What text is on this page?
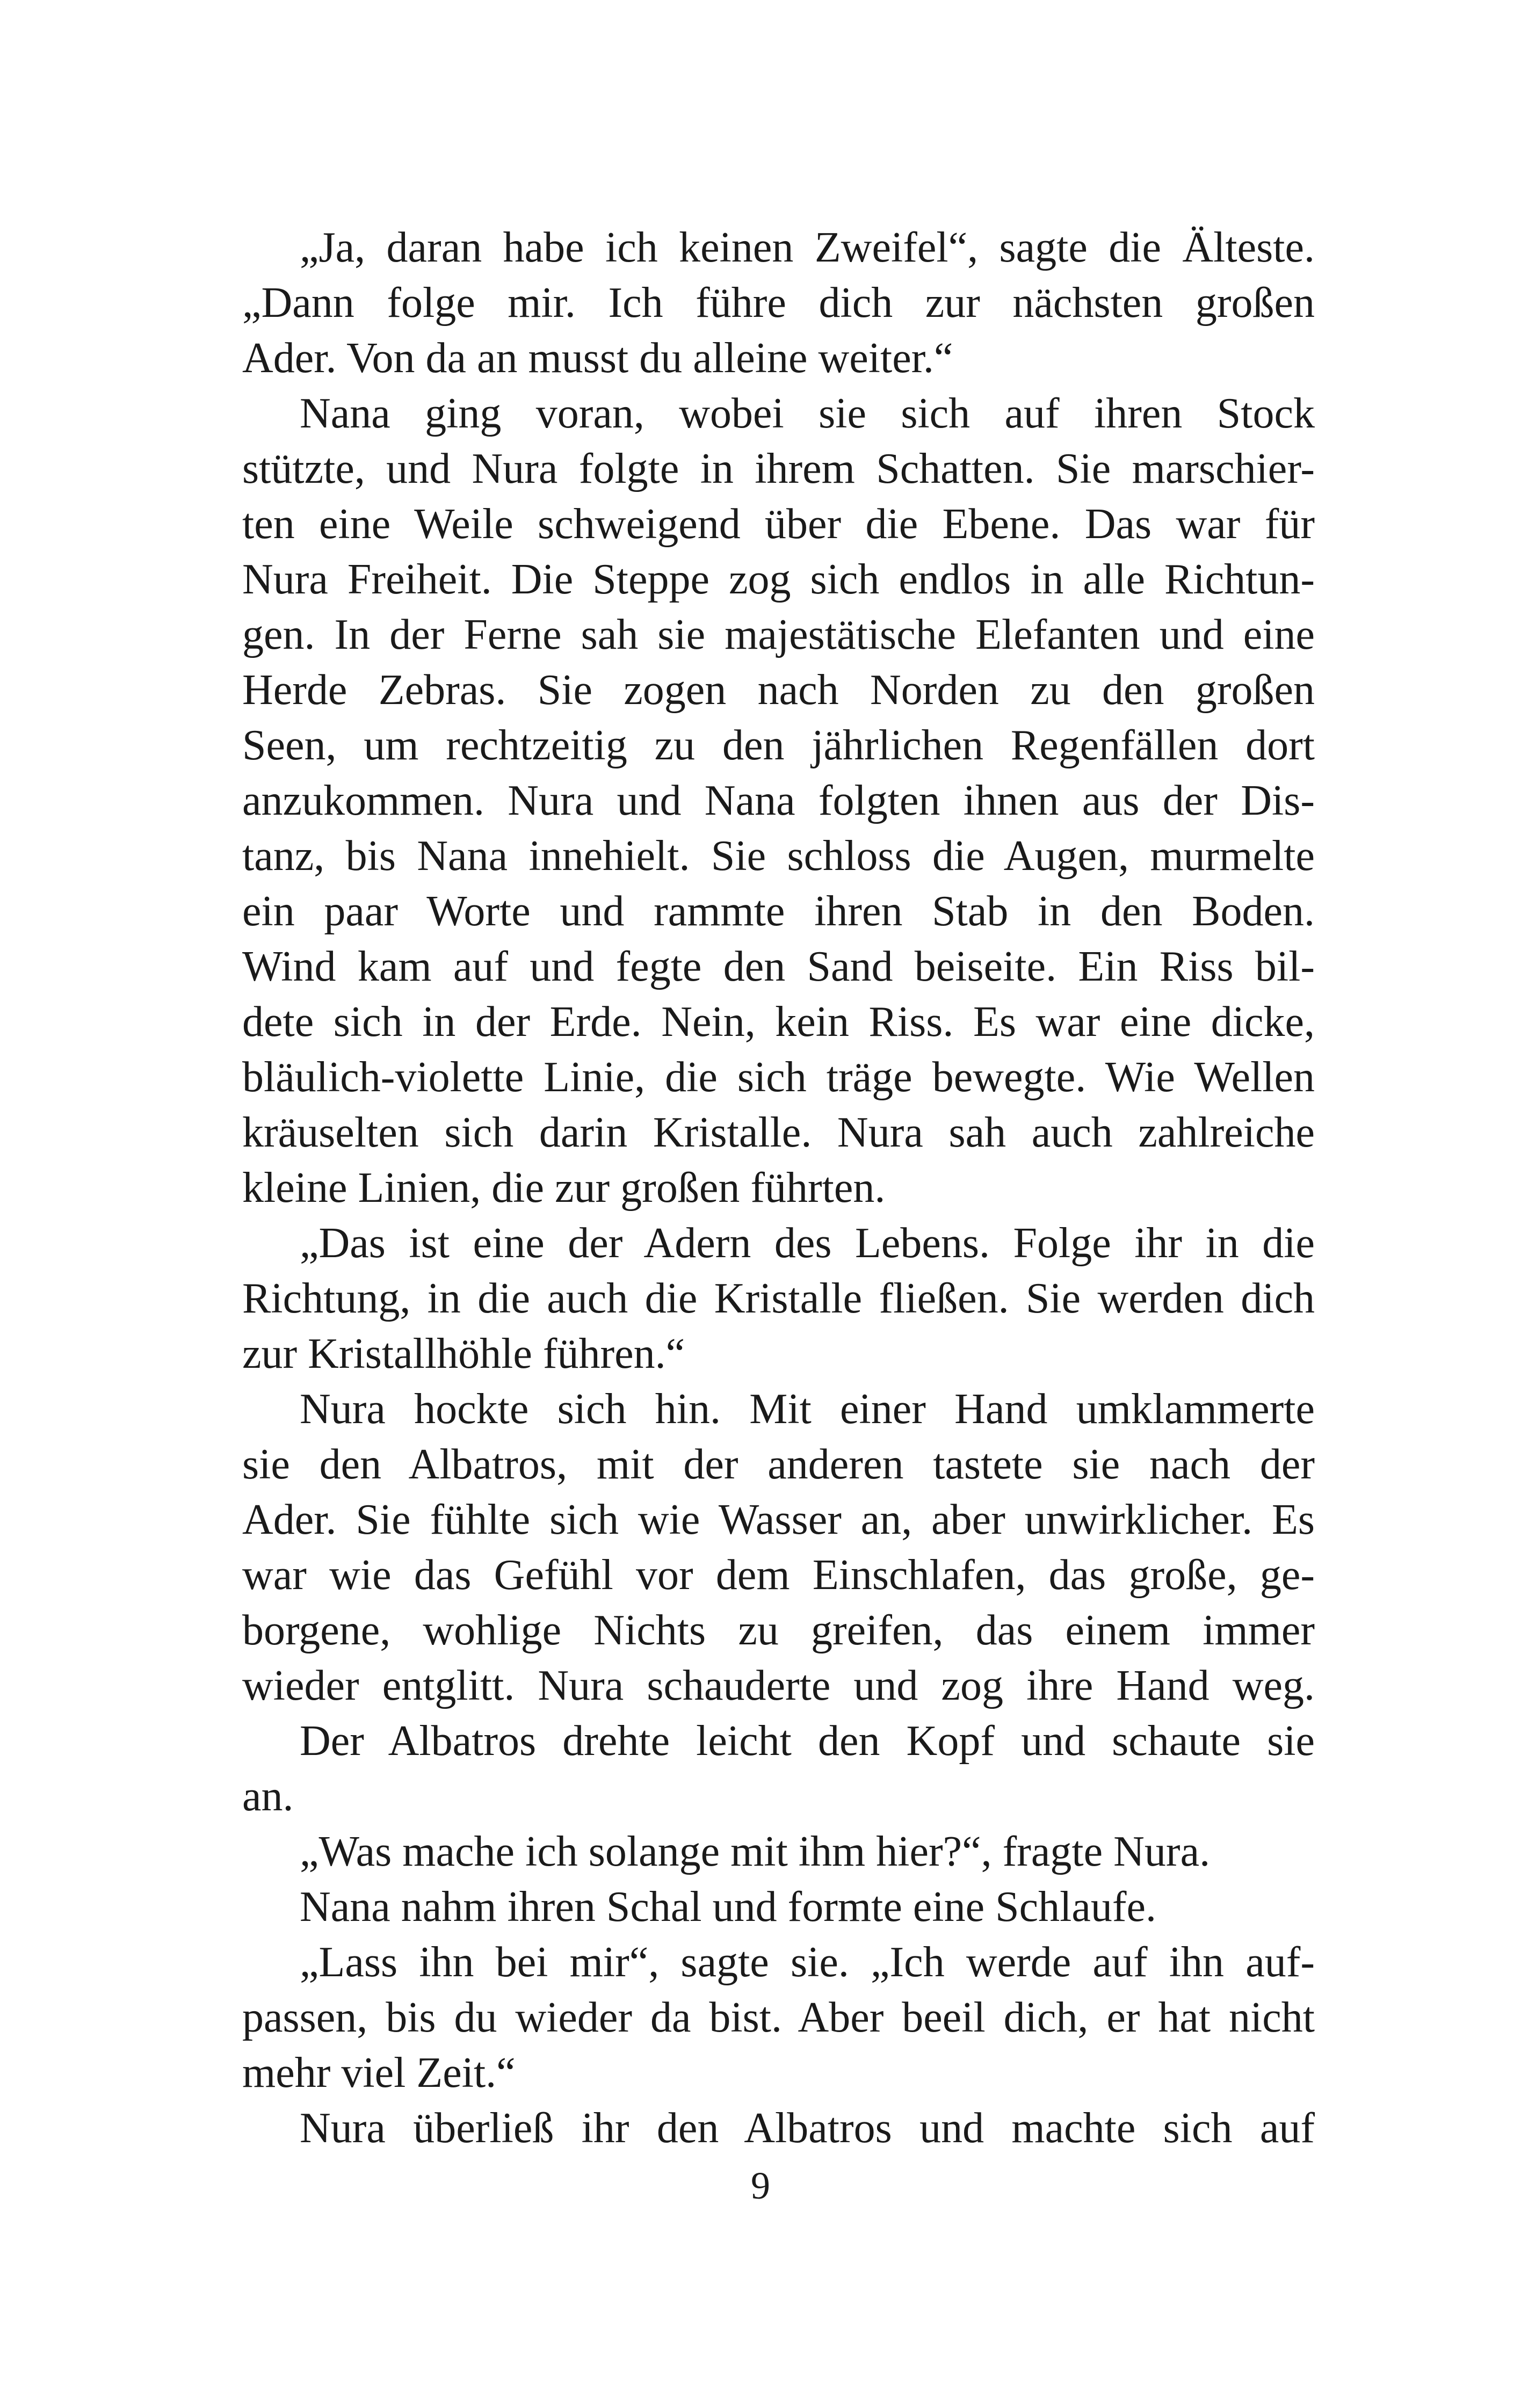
„Ja, daran habe ich keinen Zweifel“, sagte die Älteste.
„Dann folge mir. Ich führe dich zur nächsten großen
Ader. Von da an musst du alleine weiter.“
Nana ging voran, wobei sie sich auf ihren Stock
stützte, und Nura folgte in ihrem Schatten. Sie marschier-
ten eine Weile schweigend über die Ebene. Das war für
Nura Freiheit. Die Steppe zog sich endlos in alle Richtun-
gen. In der Ferne sah sie majestätische Elefanten und eine
Herde Zebras. Sie zogen nach Norden zu den großen
Seen, um rechtzeitig zu den jährlichen Regenfällen dort
anzukommen. Nura und Nana folgten ihnen aus der Dis-
tanz, bis Nana innehielt. Sie schloss die Augen, murmelte
ein paar Worte und rammte ihren Stab in den Boden.
Wind kam auf und fegte den Sand beiseite. Ein Riss bil-
dete sich in der Erde. Nein, kein Riss. Es war eine dicke,
bläulich-violette Linie, die sich träge bewegte. Wie Wellen
kräuselten sich darin Kristalle. Nura sah auch zahlreiche
kleine Linien, die zur großen führten.
„Das ist eine der Adern des Lebens. Folge ihr in die
Richtung, in die auch die Kristalle fließen. Sie werden dich
zur Kristallhöhle führen.“
Nura hockte sich hin. Mit einer Hand umklammerte
sie den Albatros, mit der anderen tastete sie nach der
Ader. Sie fühlte sich wie Wasser an, aber unwirklicher. Es
war wie das Gefühl vor dem Einschlafen, das große, ge-
borgene, wohlige Nichts zu greifen, das einem immer
wieder entglitt. Nura schauderte und zog ihre Hand weg.
Der Albatros drehte leicht den Kopf und schaute sie
an.
„Was mache ich solange mit ihm hier?“, fragte Nura.
Nana nahm ihren Schal und formte eine Schlaufe.
„Lass ihn bei mir“, sagte sie. „Ich werde auf ihn auf-
passen, bis du wieder da bist. Aber beeil dich, er hat nicht
mehr viel Zeit.“
Nura überließ ihr den Albatros und machte sich auf
9
